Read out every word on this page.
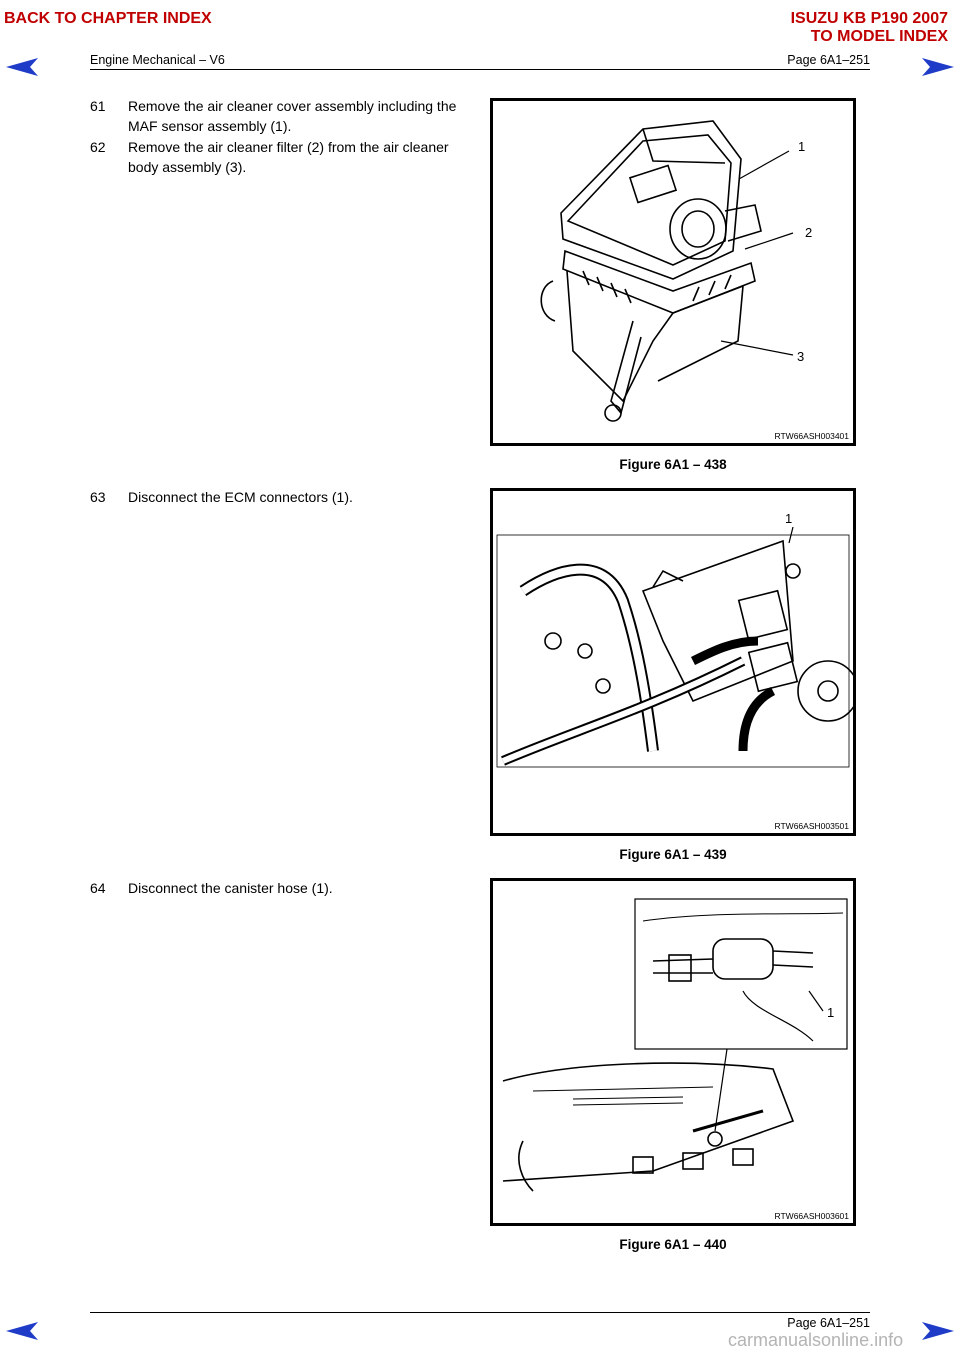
BACK TO CHAPTER INDEX	ISUZU KB P190 2007
TO MODEL INDEX
Engine Mechanical – V6	Page 6A1–251
61	Remove the air cleaner cover assembly including the MAF sensor assembly (1).
62	Remove the air cleaner filter (2) from the air cleaner body assembly (3).
63	Disconnect the ECM connectors (1).
64	Disconnect the canister hose (1).
1
2
3
RTW66ASH003401
Figure 6A1 – 438
1
RTW66ASH003501
Figure 6A1 – 439
1
RTW66ASH003601
Figure 6A1 – 440
Page 6A1–251
carmanualsonline.info
